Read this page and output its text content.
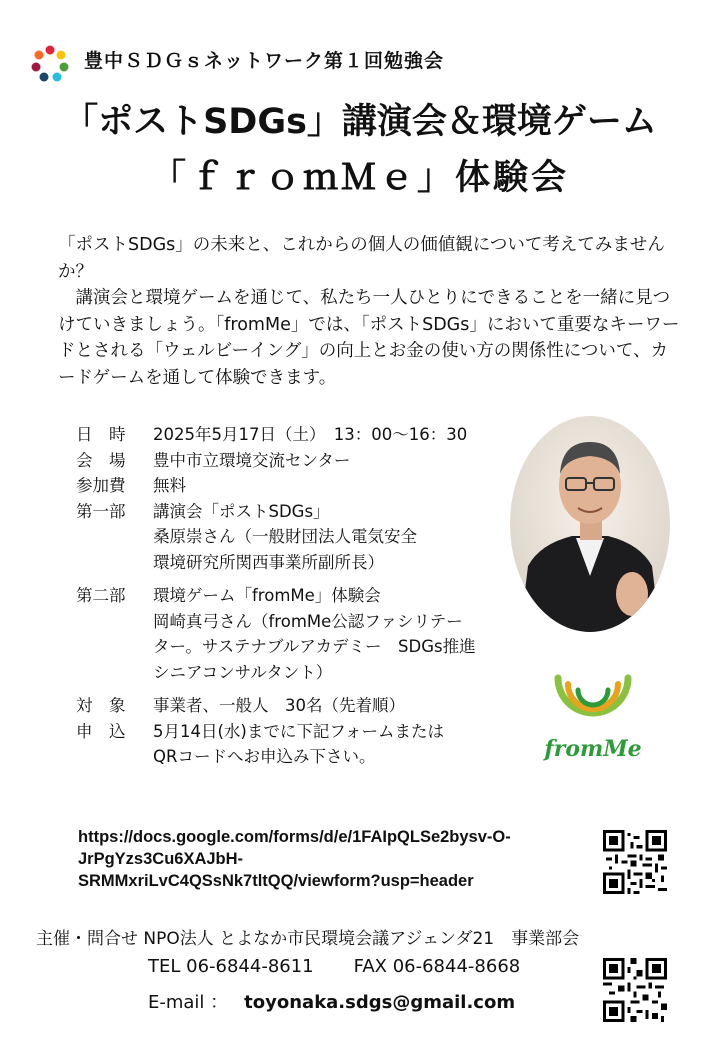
豊中ＳＤＧｓネットワーク第１回勉強会
「ポストSDGs」講演会＆環境ゲーム
「ｆｒｏｍＭｅ」体験会

「ポストSDGs」の未来と、これからの個人の価値観について考えてみませんか？

　講演会と環境ゲームを通じて、私たち一人ひとりにできることを一緒に見つけていきましょう。「fromMe」では、「ポストSDGs」において重要なキーワードとされる「ウェルビーイング」の向上とお金の使い方の関係性について、カードゲームを通して体験できます。

日　時	2025年5月17日（土）　13：00～16：30
会　場	豊中市立環境交流センター
参加費	無料
第一部	講演会「ポストSDGs」
桑原崇さん（一般財団法人電気安全
環境研究所関西事業所副所長）
第二部	環境ゲーム「fromMe」体験会
岡崎真弓さん（fromMe公認ファシリテー
ター。サステナブルアカデミー　SDGs推進
シニアコンサルタント）
対　象	事業者、一般人　30名（先着順）
申　込	5月14日(水)までに下記フォームまたは
QRコードへお申込み下さい。	fromMe
https://docs.google.com/forms/d/e/1FAIpQLSe2bysv-O-
JrPgYzs3Cu6XAJbH-
SRMMxriLvC4QSsNk7tltQQ/viewform?usp=header
主催・問合せ NPO法人 とよなか市民環境会議アジェンダ21　事業部会
TEL 06-6844-8611 FAX 06-6844-8668
E-mail ： toyonaka.sdgs@gmail.com
